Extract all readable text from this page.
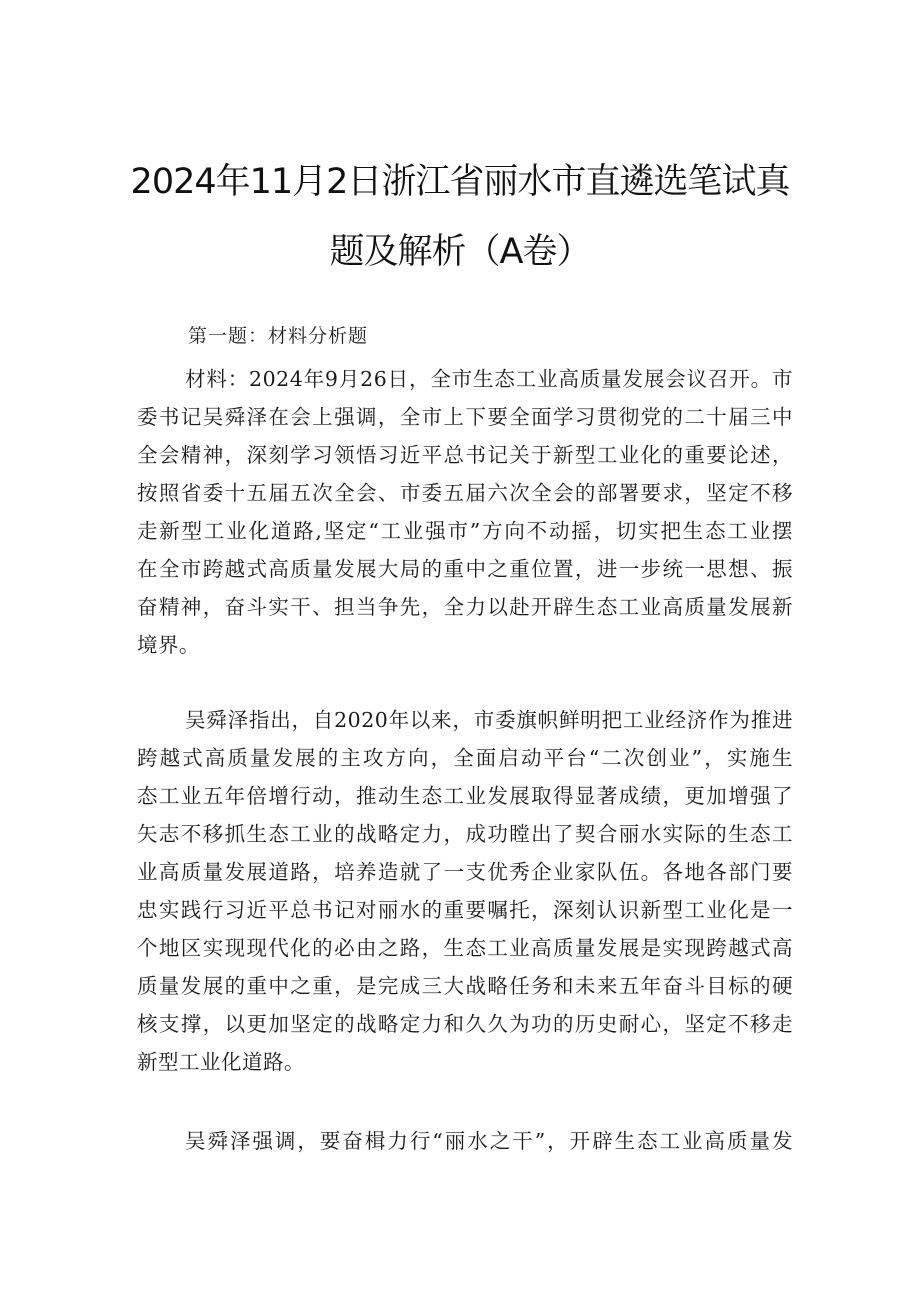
2024年11月2日浙江省丽水市直遴选笔试真
题及解析（A卷）
第一题：材料分析题
材料：2024年9月26日，全市生态工业高质量发展会议召开。市
委书记吴舜泽在会上强调，全市上下要全面学习贯彻党的二十届三中
全会精神，深刻学习领悟习近平总书记关于新型工业化的重要论述，
按照省委十五届五次全会、市委五届六次全会的部署要求，坚定不移
走新型工业化道路,坚定“工业强市”方向不动摇，切实把生态工业摆
在全市跨越式高质量发展大局的重中之重位置，进一步统一思想、振
奋精神，奋斗实干、担当争先，全力以赴开辟生态工业高质量发展新
境界。
吴舜泽指出，自2020年以来，市委旗帜鲜明把工业经济作为推进
跨越式高质量发展的主攻方向，全面启动平台“二次创业”，实施生
态工业五年倍增行动，推动生态工业发展取得显著成绩，更加增强了
矢志不移抓生态工业的战略定力，成功瞠出了契合丽水实际的生态工
业高质量发展道路，培养造就了一支优秀企业家队伍。各地各部门要
忠实践行习近平总书记对丽水的重要嘱托，深刻认识新型工业化是一
个地区实现现代化的必由之路，生态工业高质量发展是实现跨越式高
质量发展的重中之重，是完成三大战略任务和未来五年奋斗目标的硬
核支撑，以更加坚定的战略定力和久久为功的历史耐心，坚定不移走
新型工业化道路。
吴舜泽强调，要奋楫力行“丽水之干”，开辟生态工业高质量发
